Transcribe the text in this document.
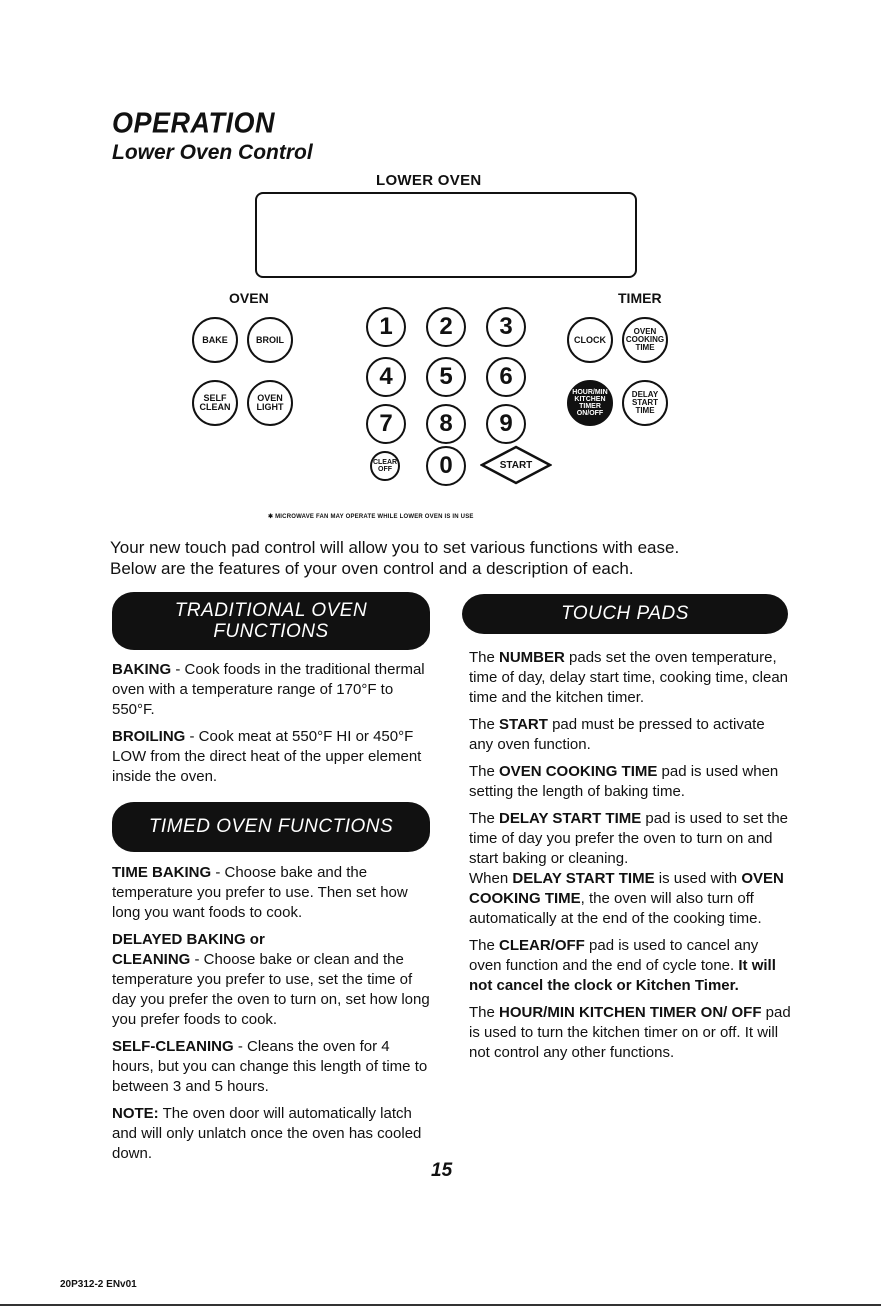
OPERATION
Lower Oven Control
LOWER OVEN
OVEN	TIMER
BAKE	BROIL
SELF
CLEAN
OVEN
LIGHT
1	2	3
4	5	6
7	8	9
0
CLEAR
OFF	START
CLOCK
OVEN
COOKING
TIME
HOUR/MIN
KITCHEN
TIMER
ON/OFF
DELAY
START
TIME
✱ MICROWAVE FAN MAY OPERATE WHILE LOWER OVEN IS IN USE
Your new touch pad control will allow you to set various functions with ease.
Below are the features of your oven control and a description of each.
TRADITIONAL OVEN
FUNCTIONS
TIMED OVEN FUNCTIONS
TOUCH PADS

BAKING - Cook foods in the traditional thermal oven with a temperature range of 170°F to 550°F.

BROILING - Cook meat at 550°F HI or 450°F LOW from the direct heat of the upper element inside the oven.

TIME BAKING - Choose bake and the temperature you prefer to use. Then set how long you want foods to cook.

DELAYED BAKING or
CLEANING - Choose bake or clean and the temperature you prefer to use, set the time of day you prefer the oven to turn on, set how long you prefer foods to cook.

SELF-CLEANING - Cleans the oven for 4 hours, but you can change this length of time to between 3 and 5 hours.

NOTE: The oven door will automatically latch and will only unlatch once the oven has cooled down.

The NUMBER pads set the oven temperature, time of day, delay start time, cooking time, clean time and the kitchen timer.

The START pad must be pressed to activate any oven function.

The OVEN COOKING TIME pad is used when setting the length of baking time.

The DELAY START TIME pad is used to set the time of day you prefer the oven to turn on and start baking or cleaning.

When DELAY START TIME is used with OVEN COOKING TIME, the oven will also turn off automatically at the end of the cooking time.

The CLEAR/OFF pad is used to cancel any oven function and the end of cycle tone. It will not cancel the clock or Kitchen Timer.

The HOUR/MIN KITCHEN TIMER ON/ OFF pad is used to turn the kitchen timer on or off. It will not control any other functions.

15
20P312-2 ENv01
